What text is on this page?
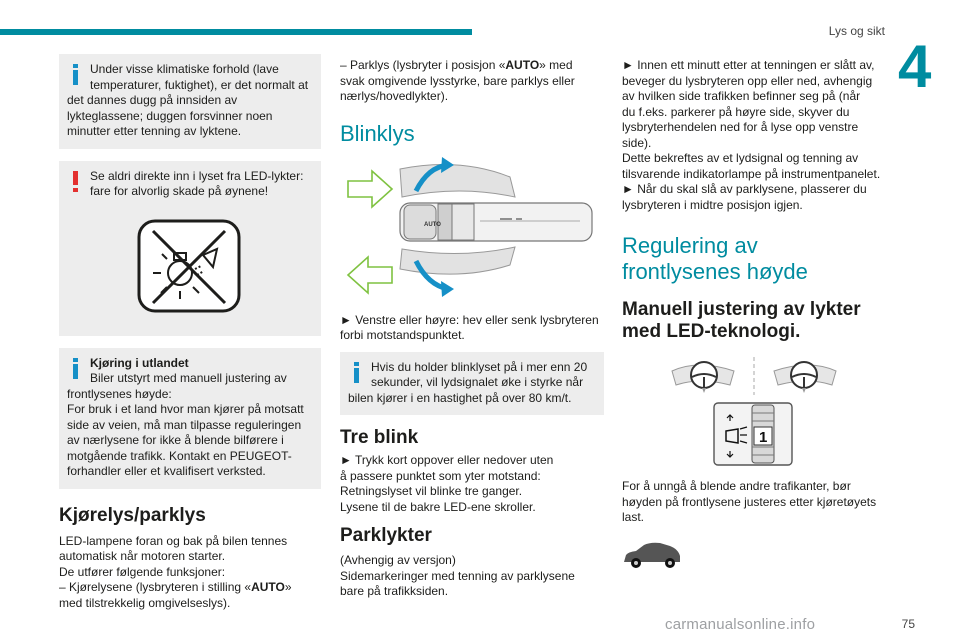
Lys og sikt
4

Under visse klimatiske forhold (lave

temperaturer, fuktighet), er det normalt at

det dannes dugg på innsiden av

lykteglassene; duggen forsvinner noen

minutter etter tenning av lyktene.

Se aldri direkte inn i lyset fra LED-lykter:

fare for alvorlig skade på øynene!

Kjøring i utlandet

Biler utstyrt med manuell justering av

frontlysenes høyde:

For bruk i et land hvor man kjører på motsatt

side av veien, må man tilpasse reguleringen

av nærlysene for ikke å blende bilførere i

motgående trafikk. Kontakt en PEUGEOT-

forhandler eller et kvalifisert verksted.

Kjørelys/parklys

LED-lampene foran og bak på bilen tennes

automatisk når motoren starter.

De utfører følgende funksjoner:

– Kjørelysene (lysbryteren i stilling «AUTO»

med tilstrekkelig omgivelseslys).

– Parklys (lysbryter i posisjon «AUTO» med

svak omgivende lysstyrke, bare parklys eller

nærlys/hovedlykter).

Blinklys
AUTO

► Venstre eller høyre: hev eller senk lysbryteren

forbi motstandspunktet.

Hvis du holder blinklyset på i mer enn 20

sekunder, vil lydsignalet øke i styrke når

bilen kjører i en hastighet på over 80 km/t.

Tre blink

► Trykk kort oppover eller nedover uten

å passere punktet som yter motstand:

Retningslyset vil blinke tre ganger.

Lysene til de bakre LED-ene skroller.

Parklykter

(Avhengig av versjon)

Sidemarkeringer med tenning av parklysene

bare på trafikksiden.

► Innen ett minutt etter at tenningen er slått av,

beveger du lysbryteren opp eller ned, avhengig

av hvilken side trafikken befinner seg på (når

du f.eks. parkerer på høyre side, skyver du

lysbryterhendelen ned for å lyse opp venstre

side).

Dette bekreftes av et lydsignal og tenning av

tilsvarende indikatorlampe på instrumentpanelet.

► Når du skal slå av parklysene, plasserer du

lysbryteren i midtre posisjon igjen.

Regulering av
frontlysenes høyde
Manuell justering av lykter
med LED-teknologi.
1

For å unngå å blende andre trafikanter, bør

høyden på frontlysene justeres etter kjøretøyets

last.

carmanualsonline.info	75
